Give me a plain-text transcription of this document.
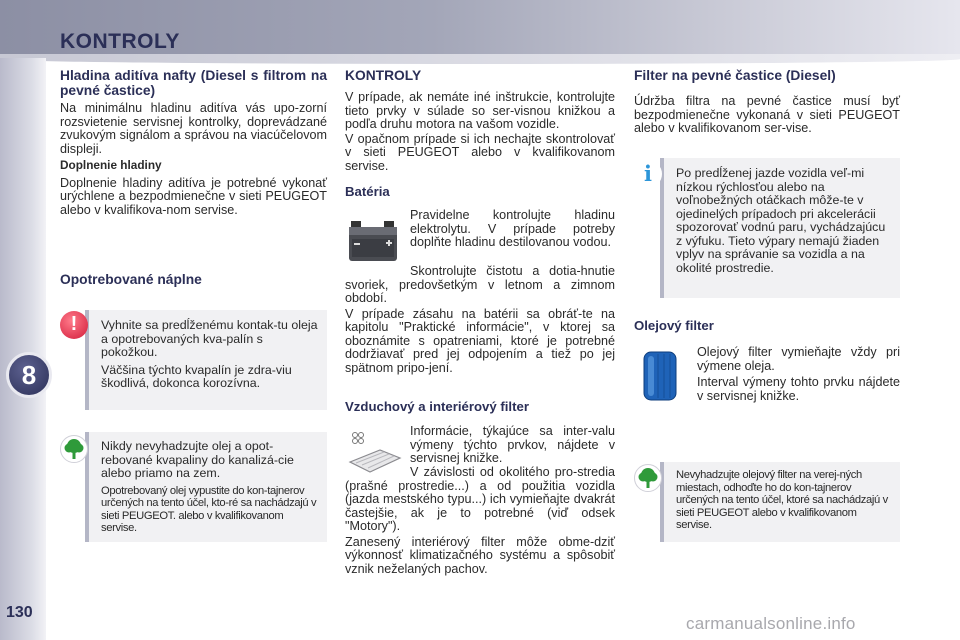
KONTROLY
8
130
Hladina aditíva nafty (Diesel s filtrom na pevné častice)

Na minimálnu hladinu aditíva vás upo-zorní rozsvietenie servisnej kontrolky, doprevádzané zvukovým signálom a správou na viacúčelovom displeji.

Doplnenie hladiny

Doplnenie hladiny aditíva je potrebné vykonať urýchlene a bezpodmienečne v sieti PEUGEOT alebo v kvalifikova-nom servise.

Opotrebované náplne

Vyhnite sa predĺženému kontak-tu oleja a opotrebovaných kva-palín s pokožkou.

Väčšina týchto kvapalín je zdra-viu škodlivá, dokonca korozívna.

!

Nikdy nevyhadzujte olej a opot-rebované kvapaliny do kanalizá-cie alebo priamo na zem.

Opotrebovaný olej vypustite do kon-tajnerov určených na tento účel, kto-ré sa nachádzajú v sieti PEUGEOT. alebo v kvalifikovanom servise.

KONTROLY

V prípade, ak nemáte iné inštrukcie, kontrolujte tieto prvky v súlade so ser-visnou knižkou a podľa druhu motora na vašom vozidle.

V opačnom prípade si ich nechajte skontrolovať v sieti PEUGEOT alebo v kvalifikovanom servise.

Batéria

Pravidelne kontrolujte hladinu elektrolytu. V prípade potreby doplňte hladinu destilovanou vodou.

Skontrolujte čistotu a dotia-hnutie svoriek, predovšetkým v letnom a zimnom období.

V prípade zásahu na batérii sa obráť-te na kapitolu "Praktické informácie", v ktorej sa oboznámite s opatreniami, ktoré je potrebné dodržiavať pred jej odpojením a tiež po jej spätnom pripo-jení.

Vzduchový a interiérový filter

Informácie, týkajúce sa inter-valu výmeny týchto prvkov, nájdete v servisnej knižke.

V závislosti od okolitého pro-stredia (prašné prostredie...) a od použitia vozidla (jazda mestského typu...) ich vymieňajte dvakrát častejšie, ak je to potrebné (viď odsek "Motory").

Zanesený interiérový filter môže obme-dziť výkonnosť klimatizačného systému a spôsobiť vznik neželaných pachov.

Filter na pevné častice (Diesel)

Údržba filtra na pevné častice musí byť bezpodmienečne vykonaná v sieti PEUGEOT alebo v kvalifikovanom ser-vise.

Po predĺženej jazde vozidla veľ-mi nízkou rýchlosťou alebo na voľnobežných otáčkach môže-te v ojedinelých prípadoch pri akcelerácii spozorovať vodnú paru, vychádzajúcu z výfuku. Tieto výpary nemajú žiaden vplyv na správanie sa vozidla a na okolité prostredie.

i
Olejový filter

Olejový filter vymieňajte vždy pri výmene oleja.

Interval výmeny tohto prvku nájdete v servisnej knižke.

Nevyhadzujte olejový filter na verej-ných miestach, odhoďte ho do kon-tajnerov určených na tento účel, ktoré sa nachádzajú v sieti PEUGEOT alebo v kvalifikovanom servise.

carmanualsonline.info
